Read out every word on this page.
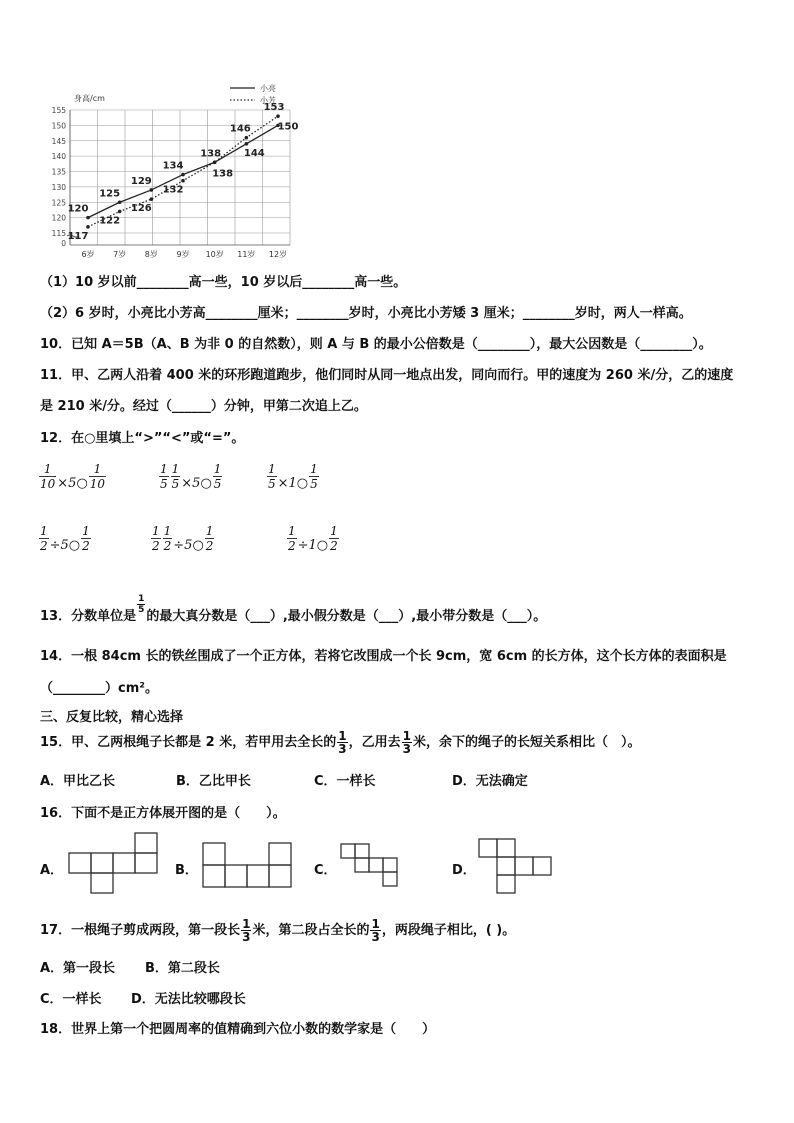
身高/cm
0
115
120
125
130
135
140
145
150
155
6岁 7岁 8岁 9岁 10岁 11岁 12岁
120
125
129
134
138 144
150
117
122
126
132
138
146
153
小亮
小芳
（1）10 岁以前________高一些，10 岁以后________高一些。
（2）6 岁时，小亮比小芳高________厘米；________岁时，小亮比小芳矮 3 厘米；________岁时，两人一样高。
10．已知 A＝5B（A、B 为非 0 的自然数），则 A 与 B 的最小公倍数是（________），最大公因数是（________）。
11．甲、乙两人沿着 400 米的环形跑道跑步，他们同时从同一地点出发，同向而行。甲的速度为 260 米/分，乙的速度
是 210 米/分。经过（______）分钟，甲第二次追上乙。
12．在○里填上“>”“<”或“=”。
$\frac{1}{10}$ ×5○ $\frac{1}{10}$	$\frac{1}{5} \frac{1}{5}$ ×5○ $\frac{1}{5}$	$\frac{1}{5}$ ×1○ $\frac{1}{5}$
$\frac{1}{2}$ ÷5○ $\frac{1}{2}$	$\frac{1}{2} \frac{1}{2}$ ÷5○ $\frac{1}{2}$	$\frac{1}{2}$ ÷1○ $\frac{1}{2}$
13．分数单位是
$\frac{1}{5}$
的最大真分数是（___）,最小假分数是（___）,最小带分数是（___）。
14．一根 84cm 长的铁丝围成了一个正方体，若将它改围成一个长 9cm，宽 6cm 的长方体，这个长方体的表面积是
（________）cm²。
三、反复比较，精心选择
15．甲、乙两根绳子长都是 2 米，若甲用去全长的 $\frac{1}{3}$ ，乙用去 $\frac{1}{3}$ 米，余下的绳子的长短关系相比（　）。
A．甲比乙长	B．乙比甲长	C．一样长	D．无法确定
16．下面不是正方体展开图的是（　　）。
A．	B．	C．	D．
17．一根绳子剪成两段，第一段长 $\frac{1}{3}$ 米，第二段占全长的 $\frac{1}{3}$ ，两段绳子相比，( )。
A．第一段长 B．第二段长
C．一样长 D．无法比较哪段长
18．世界上第一个把圆周率的值精确到六位小数的数学家是（　　）
